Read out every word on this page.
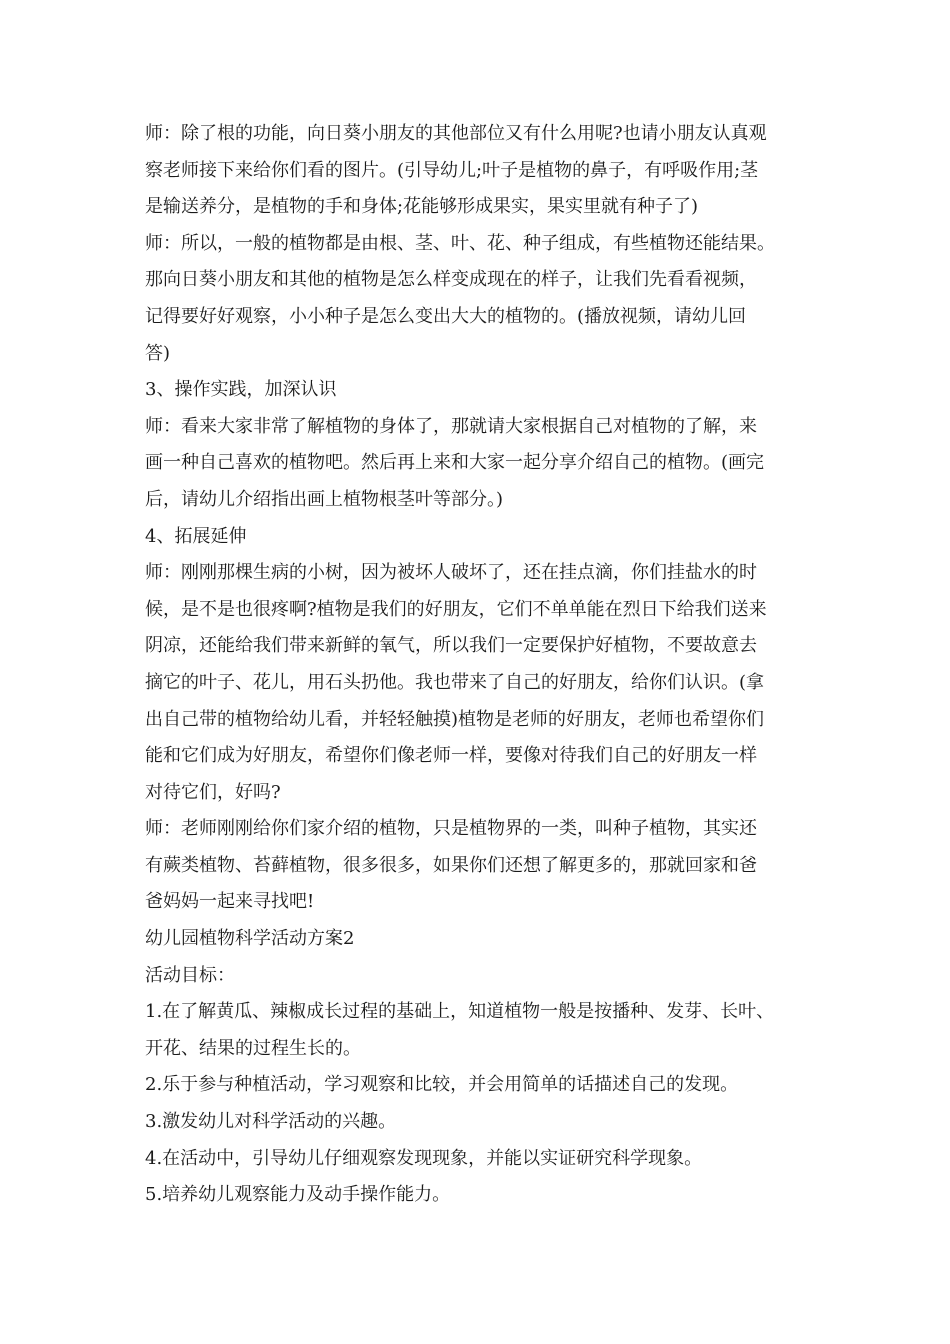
师：除了根的功能，向日葵小朋友的其他部位又有什么用呢?也请小朋友认真观

察老师接下来给你们看的图片。(引导幼儿;叶子是植物的鼻子，有呼吸作用;茎

是输送养分，是植物的手和身体;花能够形成果实，果实里就有种子了)

师：所以，一般的植物都是由根、茎、叶、花、种子组成，有些植物还能结果。

那向日葵小朋友和其他的植物是怎么样变成现在的样子，让我们先看看视频，

记得要好好观察，小小种子是怎么变出大大的植物的。(播放视频，请幼儿回

答)

3、操作实践，加深认识

师：看来大家非常了解植物的身体了，那就请大家根据自己对植物的了解，来

画一种自己喜欢的植物吧。然后再上来和大家一起分享介绍自己的植物。(画完

后，请幼儿介绍指出画上植物根茎叶等部分。)

4、拓展延伸

师：刚刚那棵生病的小树，因为被坏人破坏了，还在挂点滴，你们挂盐水的时

候，是不是也很疼啊?植物是我们的好朋友，它们不单单能在烈日下给我们送来

阴凉，还能给我们带来新鲜的氧气，所以我们一定要保护好植物，不要故意去

摘它的叶子、花儿，用石头扔他。我也带来了自己的好朋友，给你们认识。(拿

出自己带的植物给幼儿看，并轻轻触摸)植物是老师的好朋友，老师也希望你们

能和它们成为好朋友，希望你们像老师一样，要像对待我们自己的好朋友一样

对待它们，好吗?

师：老师刚刚给你们家介绍的植物，只是植物界的一类，叫种子植物，其实还

有蕨类植物、苔藓植物，很多很多，如果你们还想了解更多的，那就回家和爸

爸妈妈一起来寻找吧!

幼儿园植物科学活动方案2

活动目标：

1.在了解黄瓜、辣椒成长过程的基础上，知道植物一般是按播种、发芽、长叶、

开花、结果的过程生长的。

2.乐于参与种植活动，学习观察和比较，并会用简单的话描述自己的发现。

3.激发幼儿对科学活动的兴趣。

4.在活动中，引导幼儿仔细观察发现现象，并能以实证研究科学现象。

5.培养幼儿观察能力及动手操作能力。
